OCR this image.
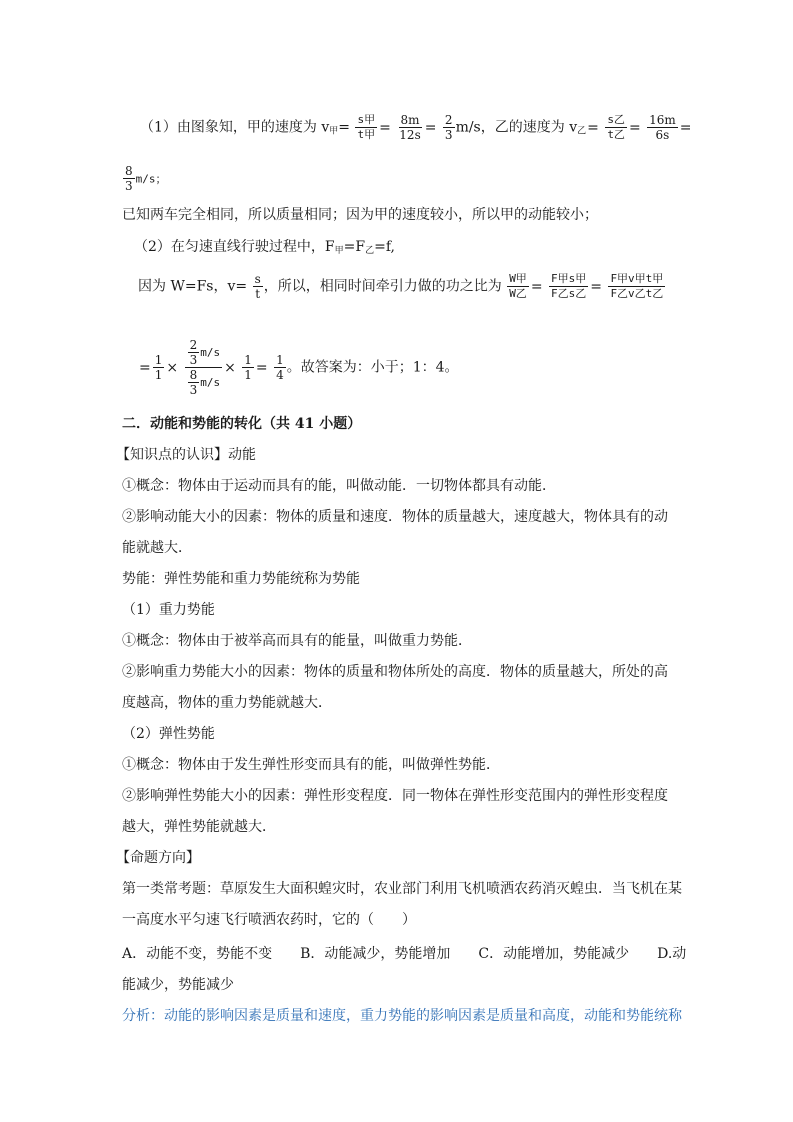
（1）由图象知，甲的速度为 $v_甲= \frac{\text{s甲}}{\text{t甲}} = \frac{8m}{12s} = \frac{2}{3} m/s$，乙的速度为 $v_乙= \frac{\text{s乙}}{\text{t乙}} = \frac{16m}{6s}$ =
$\frac{8}{3} m/s$；
已知两车完全相同，所以质量相同；因为甲的速度较小，所以甲的动能较小；
（2）在匀速直线行驶过程中，$F_甲=F_乙=f$,
因为 W=Fs，$v= \frac{s}{t}$ ，所以，相同时间牵引力做的功之比为 $\frac{\text{W甲}}{\text{W乙}} = \frac{\text{F甲s甲}}{\text{F乙s乙}} = \frac{\text{F甲v甲t甲}}{\text{F乙v乙t乙}}$
= $\frac{1}{1} \times \frac{\frac{2}{3} m/s}{\frac{8}{3} m/s} \times \frac{1}{1} = \frac{1}{4}$ 。故答案为：小于；1：4。
二．动能和势能的转化（共 41 小题）
【知识点的认识】动能
①概念：物体由于运动而具有的能，叫做动能．一切物体都具有动能．
②影响动能大小的因素：物体的质量和速度．物体的质量越大，速度越大，物体具有的动
能就越大．
势能：弹性势能和重力势能统称为势能
（1）重力势能
①概念：物体由于被举高而具有的能量，叫做重力势能．
②影响重力势能大小的因素：物体的质量和物体所处的高度．物体的质量越大，所处的高
度越高，物体的重力势能就越大．
（2）弹性势能
①概念：物体由于发生弹性形变而具有的能，叫做弹性势能．
②影响弹性势能大小的因素：弹性形变程度．同一物体在弹性形变范围内的弹性形变程度
越大，弹性势能就越大．
【命题方向】
第一类常考题：草原发生大面积蝗灾时，农业部门利用飞机喷洒农药消灭蝗虫．当飞机在某
一高度水平匀速飞行喷洒农药时，它的（　　）
A．动能不变，势能不变　　B．动能减少，势能增加　　C．动能增加，势能减少　　D.动
能减少，势能减少
分析：动能的影响因素是质量和速度，重力势能的影响因素是质量和高度，动能和势能统称
